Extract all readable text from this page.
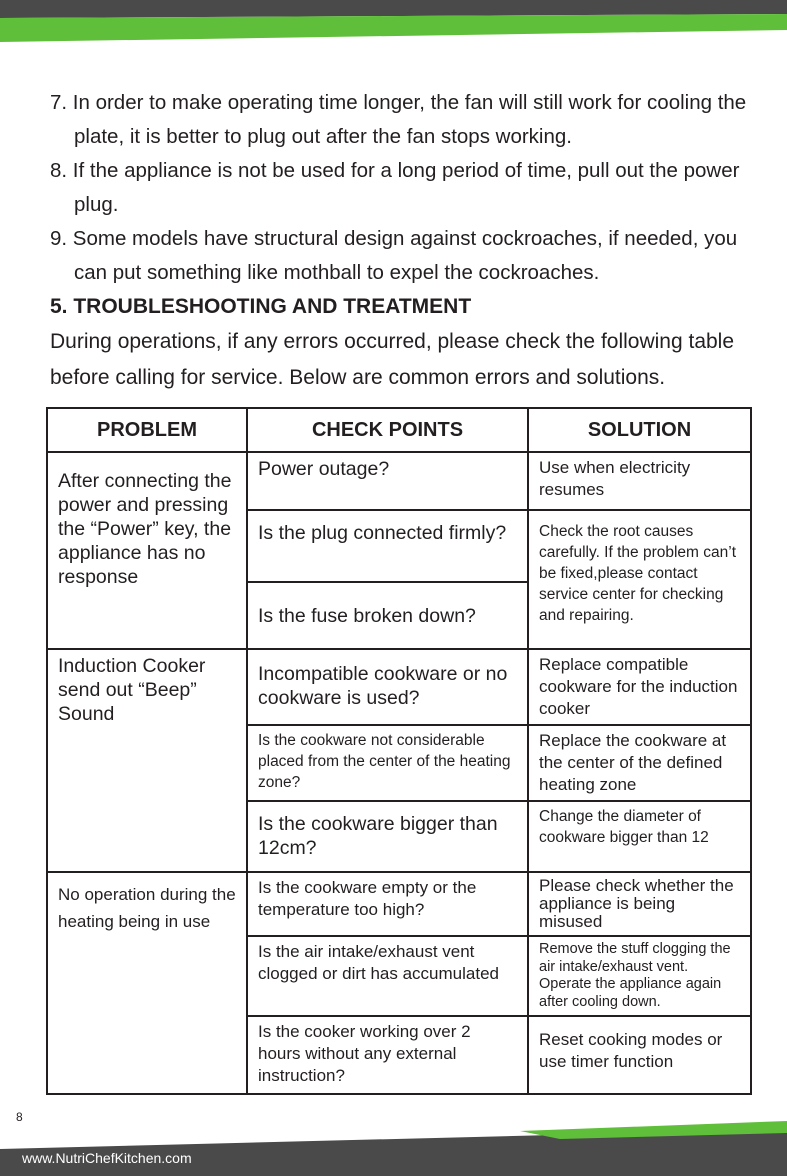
7. In order to make operating time longer, the fan will still work for cooling the plate, it is better to plug out after the fan stops working.
8. If the appliance is not be used for a long period of time, pull out the power plug.
9. Some models have structural design against cockroaches, if needed, you can put something like mothball to expel the cockroaches.

5. TROUBLESHOOTING AND TREATMENT

During operations, if any errors occurred, please check the following table before calling for service. Below are common errors and solutions.

PROBLEM	CHECK POINTS	SOLUTION
After connecting the power and pressing the “Power” key, the appliance has no response	Power outage?	Use when electricity resumes
	Is the plug connected firmly?	Check the root causes carefully. If the problem can’t be fixed,please contact service center for checking and repairing.
	Is the fuse broken down?	
Induction Cooker send out “Beep” Sound	Incompatible cookware or no cookware is used?	Replace compatible cookware for the induction cooker
	Is the cookware not considerable placed from the center of the heating zone?	Replace the cookware at the center of the defined heating zone
	Is the cookware bigger than 12cm?	Change the diameter of cookware bigger than 12
No operation during the heating being in use	Is the cookware empty or the temperature too high?	Please check whether the appliance is being misused
	Is the air intake/exhaust vent clogged or dirt has accumulated	Remove the stuff clogging the air intake/exhaust vent. Operate the appliance again after cooling down.
	Is the cooker working over 2 hours without any external instruction?	Reset cooking modes or use timer function
8
www.NutriChefKitchen.com
